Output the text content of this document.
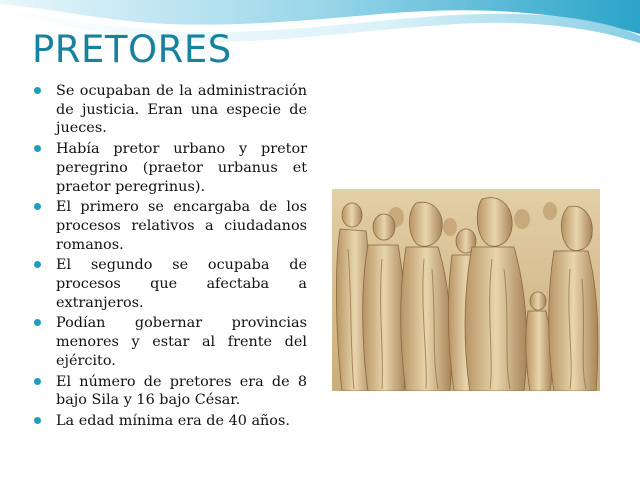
PRETORES
Se ocupaban de la administración de justicia. Eran una especie de jueces.
Había pretor urbano y pretor peregrino (praetor urbanus et praetor peregrinus).
El primero se encargaba de los procesos relativos a ciudadanos romanos.
El segundo se ocupaba de procesos que afectaba a extranjeros.
Podían gobernar provincias menores y estar al frente del ejército.
El número de pretores era de 8 bajo Sila y 16 bajo César.
La edad mínima era de 40 años.
